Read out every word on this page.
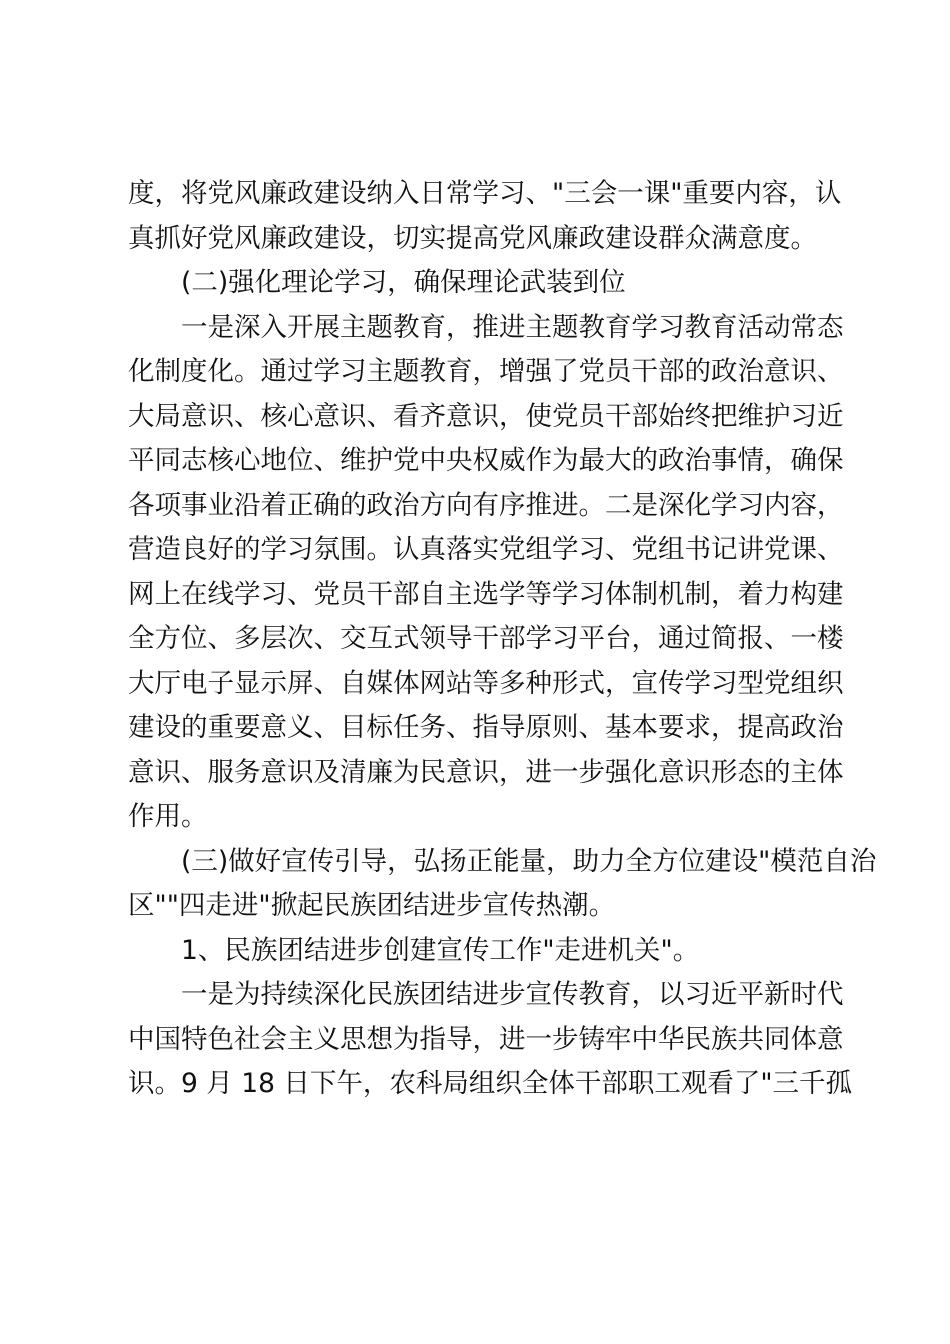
度，将党风廉政建设纳入日常学习、"三会一课"重要内容，认
真抓好党风廉政建设，切实提高党风廉政建设群众满意度。
(二)强化理论学习，确保理论武装到位
一是深入开展主题教育，推进主题教育学习教育活动常态
化制度化。通过学习主题教育，增强了党员干部的政治意识、
大局意识、核心意识、看齐意识，使党员干部始终把维护习近
平同志核心地位、维护党中央权威作为最大的政治事情，确保
各项事业沿着正确的政治方向有序推进。二是深化学习内容，
营造良好的学习氛围。认真落实党组学习、党组书记讲党课、
网上在线学习、党员干部自主选学等学习体制机制，着力构建
全方位、多层次、交互式领导干部学习平台，通过简报、一楼
大厅电子显示屏、自媒体网站等多种形式，宣传学习型党组织
建设的重要意义、目标任务、指导原则、基本要求，提高政治
意识、服务意识及清廉为民意识，进一步强化意识形态的主体
作用。
(三)做好宣传引导，弘扬正能量，助力全方位建设"模范自治
区""四走进"掀起民族团结进步宣传热潮。
1、民族团结进步创建宣传工作"走进机关"。
一是为持续深化民族团结进步宣传教育，以习近平新时代
中国特色社会主义思想为指导，进一步铸牢中华民族共同体意
识。9 月 18 日下午，农科局组织全体干部职工观看了"三千孤
